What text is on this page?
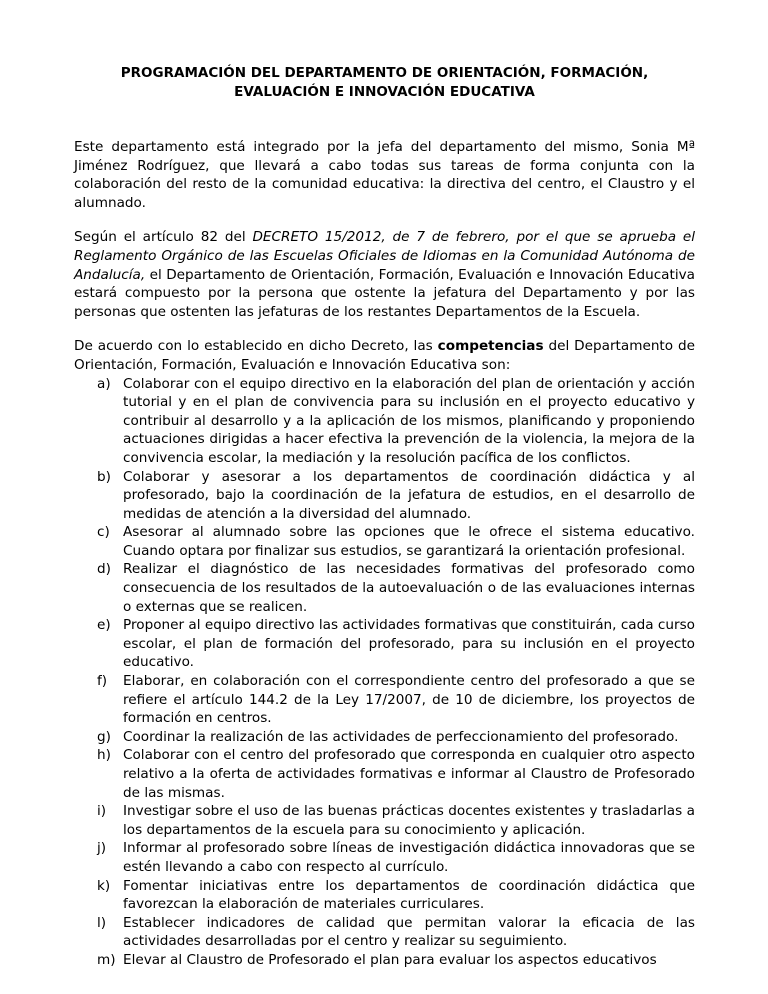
PROGRAMACIÓN DEL DEPARTAMENTO DE ORIENTACIÓN, FORMACIÓN,
EVALUACIÓN E INNOVACIÓN EDUCATIVA

Este departamento está integrado por la jefa del departamento del mismo, Sonia Mª Jiménez Rodríguez, que llevará a cabo todas sus tareas de forma conjunta con la colaboración del resto de la comunidad educativa: la directiva del centro, el Claustro y el alumnado.

Según el artículo 82 del DECRETO 15/2012, de 7 de febrero, por el que se aprueba el Reglamento Orgánico de las Escuelas Oficiales de Idiomas en la Comunidad Autónoma de Andalucía, el Departamento de Orientación, Formación, Evaluación e Innovación Educativa estará compuesto por la persona que ostente la jefatura del Departamento y por las personas que ostenten las jefaturas de los restantes Departamentos de la Escuela.

De acuerdo con lo establecido en dicho Decreto, las competencias del Departamento de Orientación, Formación, Evaluación e Innovación Educativa son:

a) Colaborar con el equipo directivo en la elaboración del plan de orientación y acción tutorial y en el plan de convivencia para su inclusión en el proyecto educativo y contribuir al desarrollo y a la aplicación de los mismos, planificando y proponiendo actuaciones dirigidas a hacer efectiva la prevención de la violencia, la mejora de la convivencia escolar, la mediación y la resolución pacífica de los conflictos.
b) Colaborar y asesorar a los departamentos de coordinación didáctica y al profesorado, bajo la coordinación de la jefatura de estudios, en el desarrollo de medidas de atención a la diversidad del alumnado.
c) Asesorar al alumnado sobre las opciones que le ofrece el sistema educativo. Cuando optara por finalizar sus estudios, se garantizará la orientación profesional.
d) Realizar el diagnóstico de las necesidades formativas del profesorado como consecuencia de los resultados de la autoevaluación o de las evaluaciones internas o externas que se realicen.
e) Proponer al equipo directivo las actividades formativas que constituirán, cada curso escolar, el plan de formación del profesorado, para su inclusión en el proyecto educativo.
f) Elaborar, en colaboración con el correspondiente centro del profesorado a que se refiere el artículo 144.2 de la Ley 17/2007, de 10 de diciembre, los proyectos de formación en centros.
g) Coordinar la realización de las actividades de perfeccionamiento del profesorado.
h) Colaborar con el centro del profesorado que corresponda en cualquier otro aspecto relativo a la oferta de actividades formativas e informar al Claustro de Profesorado de las mismas.
i) Investigar sobre el uso de las buenas prácticas docentes existentes y trasladarlas a los departamentos de la escuela para su conocimiento y aplicación.
j) Informar al profesorado sobre líneas de investigación didáctica innovadoras que se estén llevando a cabo con respecto al currículo.
k) Fomentar iniciativas entre los departamentos de coordinación didáctica que favorezcan la elaboración de materiales curriculares.
l) Establecer indicadores de calidad que permitan valorar la eficacia de las actividades desarrolladas por el centro y realizar su seguimiento.
m) Elevar al Claustro de Profesorado el plan para evaluar los aspectos educativos
